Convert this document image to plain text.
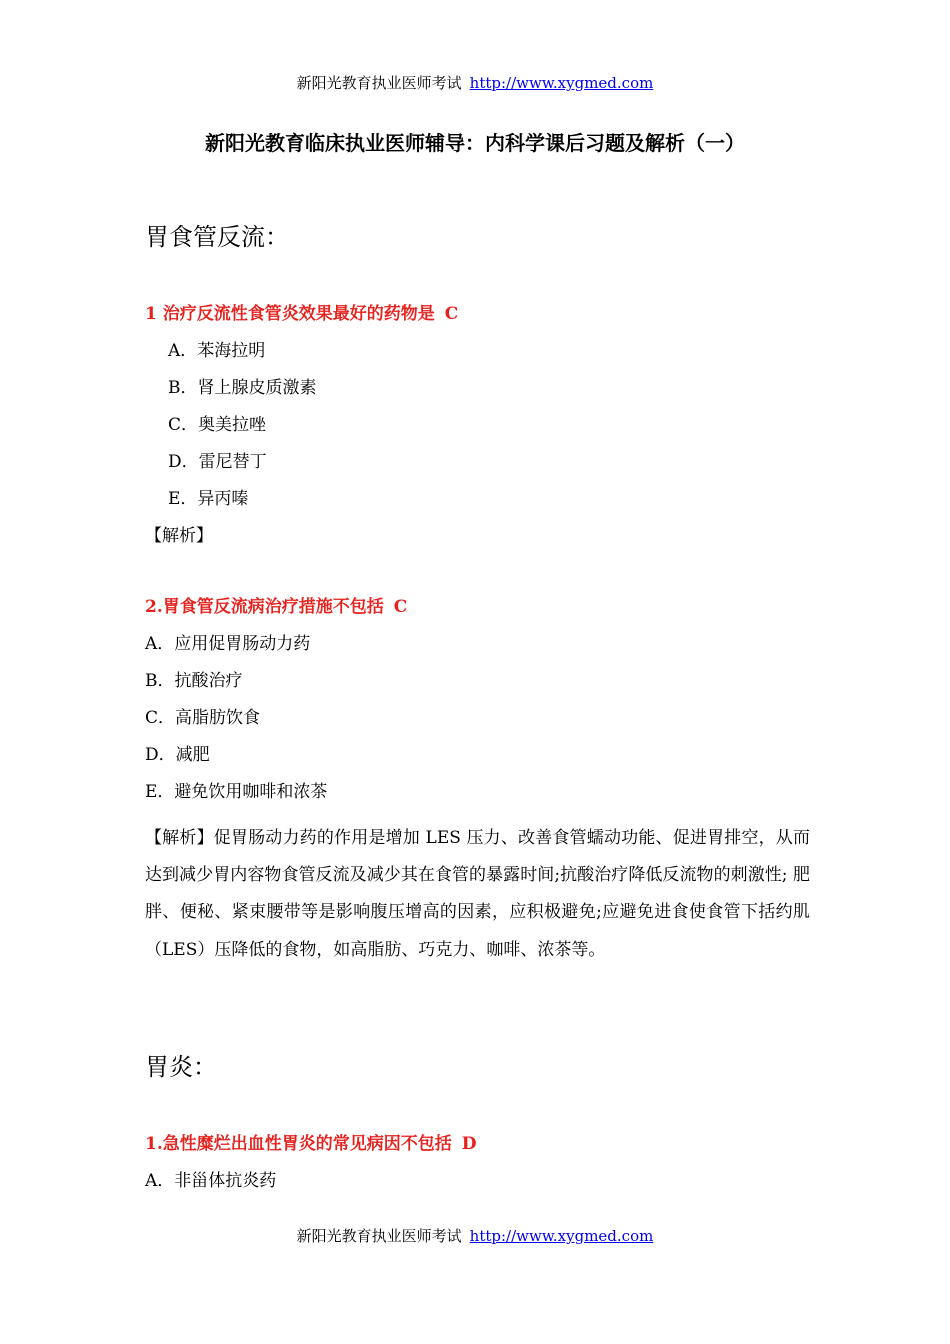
新阳光教育执业医师考试 http://www.xygmed.com
新阳光教育临床执业医师辅导：内科学课后习题及解析（一）
胃食管反流：
1 治疗反流性食管炎效果最好的药物是 C
A．苯海拉明
B．肾上腺皮质激素
C．奥美拉唑
D．雷尼替丁
E．异丙嗪
【解析】
2.胃食管反流病治疗措施不包括 C
A．应用促胃肠动力药
B．抗酸治疗
C．高脂肪饮食
D．减肥
E．避免饮用咖啡和浓茶
【解析】促胃肠动力药的作用是增加 LES 压力、改善食管蠕动功能、促进胃排空，从而达到减少胃内容物食管反流及减少其在食管的暴露时间;抗酸治疗降低反流物的刺激性; 肥胖、便秘、紧束腰带等是影响腹压增高的因素，应积极避免;应避免进食使食管下括约肌（LES）压降低的食物，如高脂肪、巧克力、咖啡、浓茶等。
胃炎：
1.急性糜烂出血性胃炎的常见病因不包括 D
A．非甾体抗炎药
新阳光教育执业医师考试 http://www.xygmed.com
